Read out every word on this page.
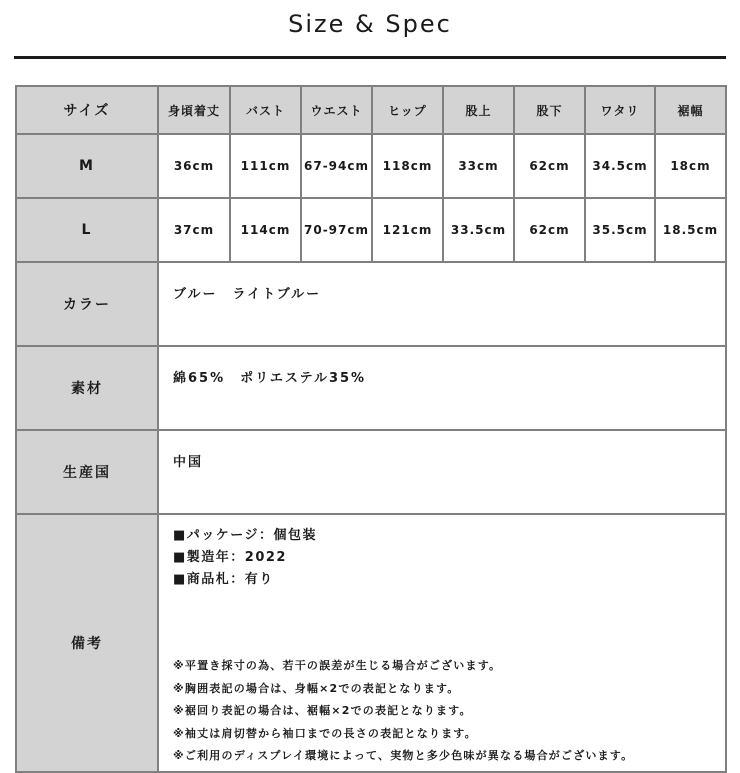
Size & Spec
サイズ	身頃着丈	バスト	ウエスト	ヒップ	股上	股下	ワタリ	裾幅
M	36cm	111cm	67-94cm	118cm	33cm	62cm	34.5cm	18cm
L	37cm	114cm	70-97cm	121cm	33.5cm	62cm	35.5cm	18.5cm
カラー	ブルー　ライトブルー							
素材	綿65%　ポリエステル35%							
生産国	中国							
備考	
■パッケージ：個包装
■製造年：2022
■商品札：有り
※平置き採寸の為、若干の誤差が生じる場合がございます。
※胸囲表記の場合は、身幅×2での表記となります。
※裾回り表記の場合は、裾幅×2での表記となります。
※袖丈は肩切替から袖口までの長さの表記となります。
※ご利用のディスプレイ環境によって、実物と多少色味が異なる場合がございます。
